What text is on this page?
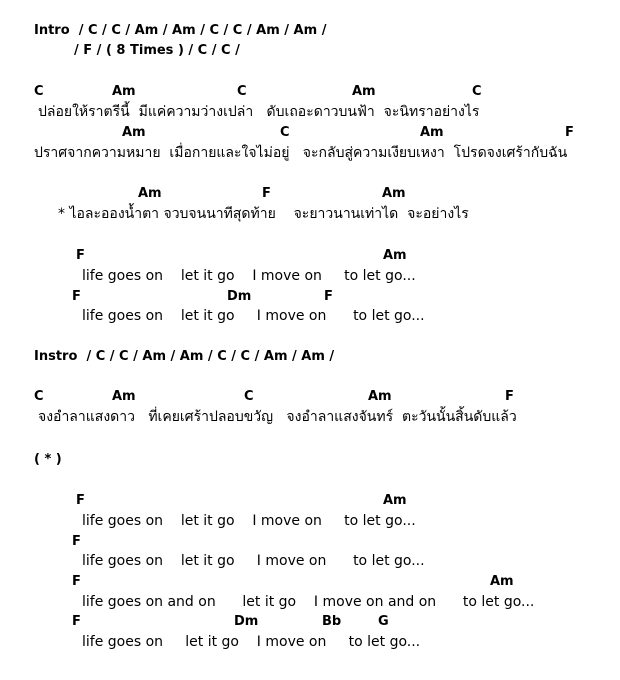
Intro  / C / C / Am / Am / C / C / Am / Am /
/ F / ( 8 Times ) / C / C /
C	Am	C	Am	C
ปล่อยให้ราตรีนี้  มีแค่ความว่างเปล่า   ดับเถอะดาวบนฟ้า  จะนิทราอย่างไร
Am	C	Am	F
ปราศจากความหมาย  เมื่อกายและใจไม่อยู่   จะกลับสู่ความเงียบเหงา  โปรดจงเศร้ากับฉัน
Am	F	Am
* ไอละอองน้ำตา จวบจนนาทีสุดท้าย    จะยาวนานเท่าได  จะอย่างไร
F	Am
life goes on    let it go    I move on     to let go...
F	Dm	F
life goes on    let it go     I move on      to let go...
Instro  / C / C / Am / Am / C / C / Am / Am /
C	Am	C	Am	F
จงอำลาแสงดาว   ที่เคยเศร้าปลอบขวัญ   จงอำลาแสงจันทร์  ตะวันนั้นสิ้นดับแล้ว
( * )
F	Am
life goes on    let it go    I move on     to let go...
F
life goes on    let it go     I move on      to let go...
F	Am
life goes on and on      let it go    I move on and on      to let go...
F	Dm	Bb	G
life goes on     let it go    I move on     to let go...
